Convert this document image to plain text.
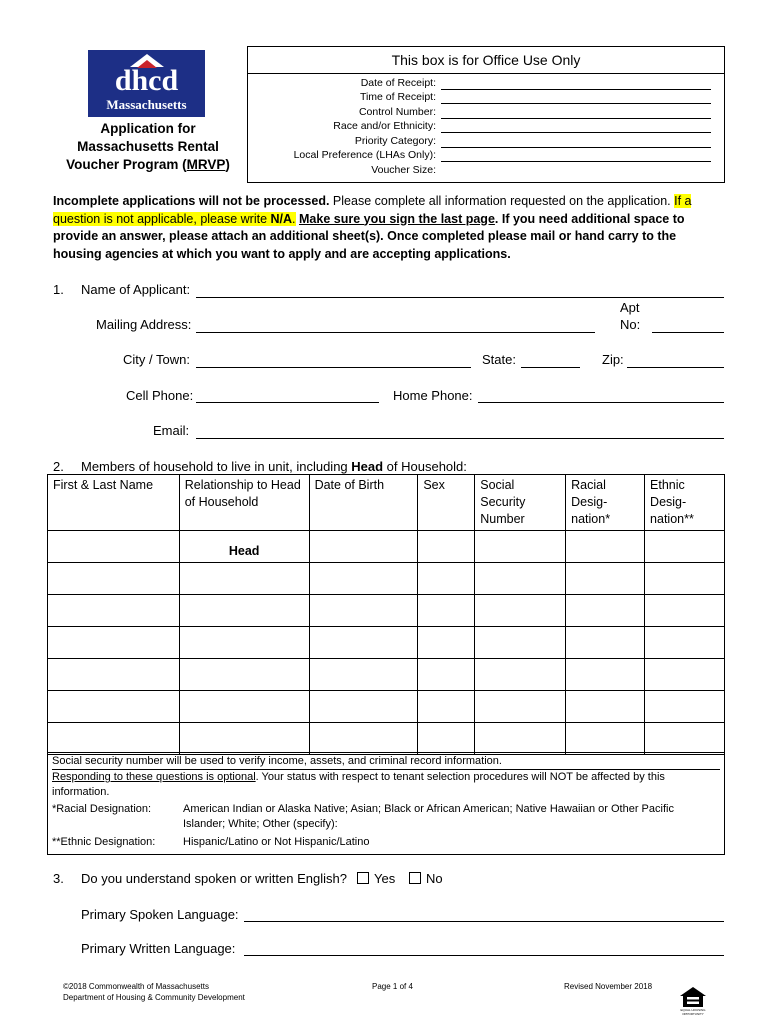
dhcd
Massachusetts
Application for
Massachusetts Rental
Voucher Program (MRVP)
This box is for Office Use Only
Date of Receipt:
Time of Receipt:
Control Number:
Race and/or Ethnicity:
Priority Category:
Local Preference (LHAs Only):
Voucher Size:
Incomplete applications will not be processed. Please complete all information requested on the application. If a question is not applicable, please write N/A. Make sure you sign the last page. If you need additional space to provide an answer, please attach an additional sheet(s). Once completed please mail or hand carry to the housing agencies at which you want to apply and are accepting applications.
1. Name of Applicant:
Mailing Address:
Apt
No:
City / Town:	State:	Zip:
Cell Phone:	Home Phone:
Email:
2. Members of household to live in unit, including Head of Household:
First & Last Name	Relationship to Head of Household	Date of Birth	Sex	Social Security Number	Racial Desig-nation*	Ethnic Desig-nation**
	Head					

Social security number will be used to verify income, assets, and criminal record information.
Responding to these questions is optional. Your status with respect to tenant selection procedures will NOT be affected by this information.
*Racial Designation:	American Indian or Alaska Native; Asian; Black or African American; Native Hawaiian or Other Pacific Islander; White; Other (specify):
**Ethnic Designation:	Hispanic/Latino or Not Hispanic/Latino
3. Do you understand spoken or written English? Yes No
Primary Spoken Language:
Primary Written Language:
©2018 Commonwealth of Massachusetts
Department of Housing & Community Development
Page 1 of 4	Revised November 2018
EQUAL HOUSING OPPORTUNITY
